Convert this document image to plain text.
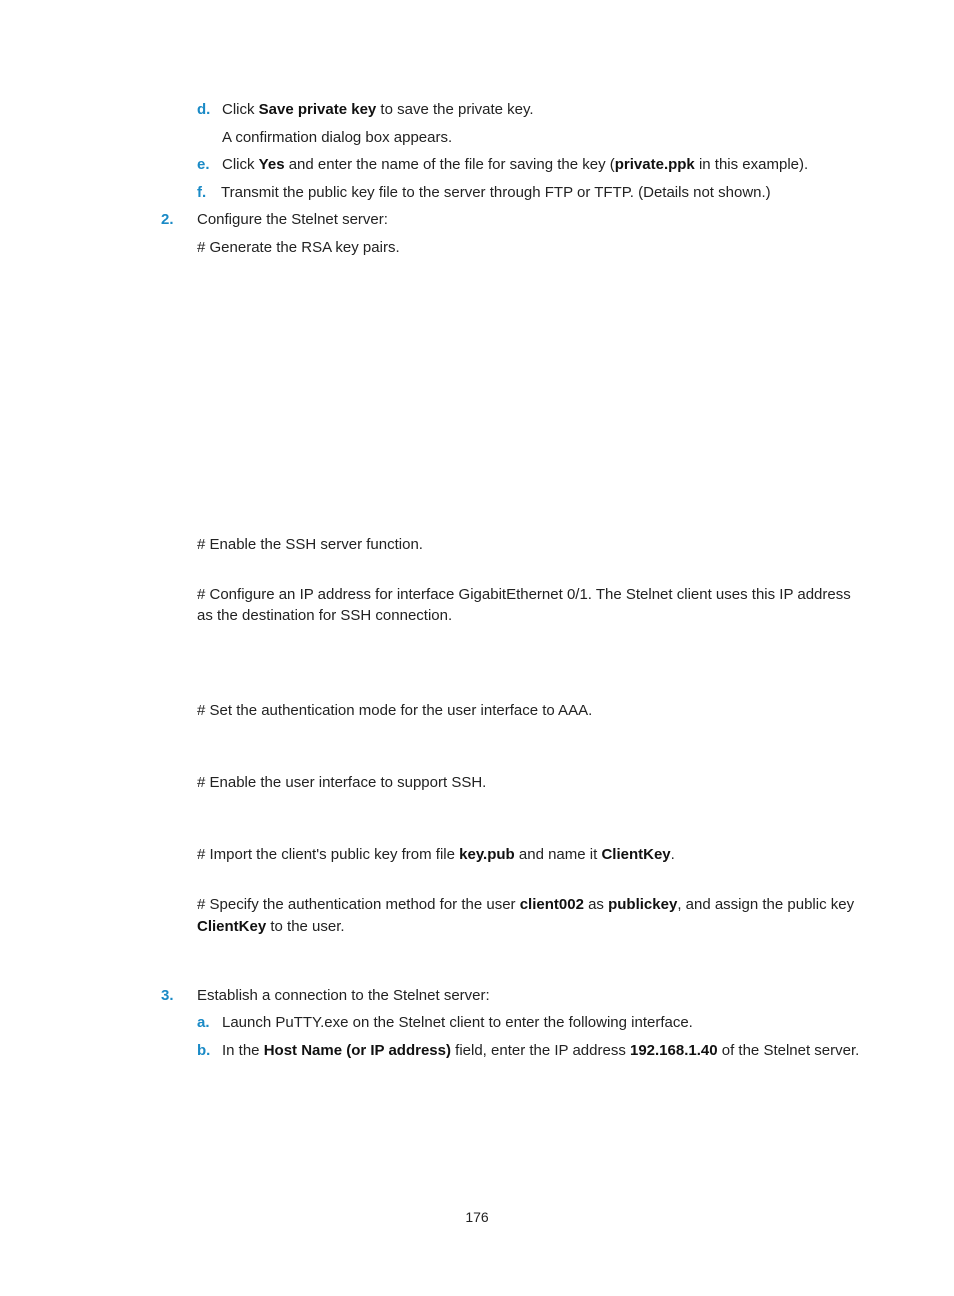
d. Click Save private key to save the private key.
A confirmation dialog box appears.
e. Click Yes and enter the name of the file for saving the key (private.ppk in this example).
f. Transmit the public key file to the server through FTP or TFTP. (Details not shown.)
2. Configure the Stelnet server:
# Generate the RSA key pairs.
# Enable the SSH server function.
# Configure an IP address for interface GigabitEthernet 0/1. The Stelnet client uses this IP address
as the destination for SSH connection.
# Set the authentication mode for the user interface to AAA.
# Enable the user interface to support SSH.
# Import the client's public key from file key.pub and name it ClientKey.
# Specify the authentication method for the user client002 as publickey, and assign the public key
ClientKey to the user.
3. Establish a connection to the Stelnet server:
a. Launch PuTTY.exe on the Stelnet client to enter the following interface.
b. In the Host Name (or IP address) field, enter the IP address 192.168.1.40 of the Stelnet server.
176
